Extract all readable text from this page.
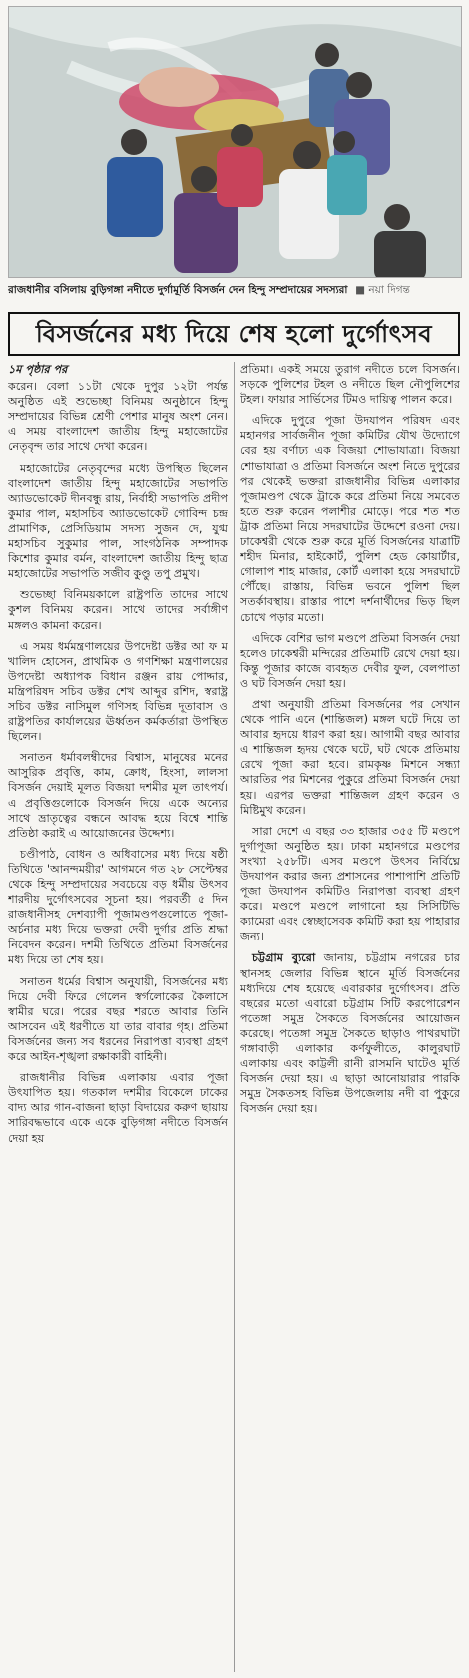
রাজধানীর বসিলায় বুড়িগঙ্গা নদীতে দুর্গামূর্তি বিসর্জন দেন হিন্দু সম্প্রদায়ের সদস্যরা ■ নয়া দিগন্ত
বিসর্জনের মধ্য দিয়ে শেষ হলো দুর্গোৎসব
১ম পৃষ্ঠার পর

করেন। বেলা ১১টা থেকে দুপুর ১২টা পর্যন্ত অনুষ্ঠিত এই শুভেচ্ছা বিনিময় অনুষ্ঠানে হিন্দু সম্প্রদায়ের বিভিন্ন শ্রেণী পেশার মানুষ অংশ নেন। এ সময় বাংলাদেশ জাতীয় হিন্দু মহাজোটের নেতৃবৃন্দ তার সাথে দেখা করেন।

মহাজোটের নেতৃবৃন্দের মধ্যে উপস্থিত ছিলেন বাংলাদেশ জাতীয় হিন্দু মহাজোটের সভাপতি অ্যাডভোকেট দীনবন্ধু রায়, নির্বাহী সভাপতি প্রদীপ কুমার পাল, মহাসচিব অ্যাডভোকেট গোবিন্দ চন্দ্র প্রামাণিক, প্রেসিডিয়াম সদস্য সুজন দে, যুগ্ম মহাসচিব সুকুমার পাল, সাংগঠনিক সম্পাদক কিশোর কুমার বর্মন, বাংলাদেশ জাতীয় হিন্দু ছাত্র মহাজোটের সভাপতি সজীব কুণ্ডু তপু প্রমুখ।

শুভেচ্ছা বিনিময়কালে রাষ্ট্রপতি তাদের সাথে কুশল বিনিময় করেন। সাথে তাদের সর্বাঙ্গীণ মঙ্গলও কামনা করেন।

এ সময় ধর্মমন্ত্রণালয়ের উপদেষ্টা ডক্টর আ ফ ম খালিদ হোসেন, প্রাথমিক ও গণশিক্ষা মন্ত্রণালয়ের উপদেষ্টা অধ্যাপক বিধান রঞ্জন রায় পোদ্দার, মন্ত্রিপরিষদ সচিব ডক্টর শেখ আব্দুর রশিদ, স্বরাষ্ট্র সচিব ডক্টর নাসিমুল গণিসহ বিভিন্ন দূতাবাস ও রাষ্ট্রপতির কার্যালয়ের ঊর্ধ্বতন কর্মকর্তারা উপস্থিত ছিলেন।

সনাতন ধর্মাবলম্বীদের বিশ্বাস, মানুষের মনের আসুরিক প্রবৃত্তি, কাম, ক্রোধ, হিংসা, লালসা বিসর্জন দেয়াই মূলত বিজয়া দশমীর মূল তাৎপর্য। এ প্রবৃত্তিগুলোকে বিসর্জন দিয়ে একে অন্যের সাথে ভ্রাতৃত্বের বন্ধনে আবদ্ধ হয়ে বিশ্বে শান্তি প্রতিষ্ঠা করাই এ আয়োজনের উদ্দেশ্য।

চণ্ডীপাঠ, বোধন ও অধিবাসের মধ্য দিয়ে ষষ্ঠী তিথিতে 'আনন্দময়ীর' আগমনে গত ২৮ সেপ্টেম্বর থেকে হিন্দু সম্প্রদায়ের সবচেয়ে বড় ধর্মীয় উৎসব শারদীয় দুর্গোৎসবের সূচনা হয়। পরবর্তী ৫ দিন রাজধানীসহ দেশব্যাপী পূজামণ্ডপগুলোতে পূজা-অর্চনার মধ্য দিয়ে ভক্তরা দেবী দুর্গার প্রতি শ্রদ্ধা নিবেদন করেন। দশমী তিথিতে প্রতিমা বিসর্জনের মধ্য দিয়ে তা শেষ হয়।

সনাতন ধর্মের বিশ্বাস অনুযায়ী, বিসর্জনের মধ্য দিয়ে দেবী ফিরে গেলেন স্বর্গলোকের কৈলাসে স্বামীর ঘরে। পরের বছর শরতে আবার তিনি আসবেন এই ধরণীতে যা তার বাবার গৃহ। প্রতিমা বিসর্জনের জন্য সব ধরনের নিরাপত্তা ব্যবস্থা গ্রহণ করে আইন-শৃঙ্খলা রক্ষাকারী বাহিনী।

রাজধানীর বিভিন্ন এলাকায় এবার পূজা উৎযাপিত হয়। গতকাল দশমীর বিকেলে ঢাকের বাদ্য আর গান-বাজনা ছাড়া বিদায়ের করুণ ছায়ায় সারিবদ্ধভাবে একে একে বুড়িগঙ্গা নদীতে বিসর্জন দেয়া হয়

প্রতিমা। একই সময়ে তুরাগ নদীতে চলে বিসর্জন। সড়কে পুলিশের টহল ও নদীতে ছিল নৌপুলিশের টহল। ফায়ার সার্ভিসের টিমও দায়িত্ব পালন করে।

এদিকে দুপুরে পূজা উদযাপন পরিষদ এবং মহানগর সার্বজনীন পূজা কমিটির যৌথ উদ্যোগে বের হয় বর্ণাঢ্য এক বিজয়া শোভাযাত্রা। বিজয়া শোভাযাত্রা ও প্রতিমা বিসর্জনে অংশ নিতে দুপুরের পর থেকেই ভক্তরা রাজধানীর বিভিন্ন এলাকার পূজামণ্ডপ থেকে ট্রাকে করে প্রতিমা নিয়ে সমবেত হতে শুরু করেন পলাশীর মোড়ে। পরে শত শত ট্রাক প্রতিমা নিয়ে সদরঘাটের উদ্দেশে রওনা দেয়। ঢাকেশ্বরী থেকে শুরু করে মূর্তি বিসর্জনের যাত্রাটি শহীদ মিনার, হাইকোর্ট, পুলিশ হেড কোয়ার্টার, গোলাপ শাহ মাজার, কোর্ট এলাকা হয়ে সদরঘাটে পৌঁছে। রাস্তায়, বিভিন্ন ভবনে পুলিশ ছিল সতর্কাবস্থায়। রাস্তার পাশে দর্শনার্থীদের ভিড় ছিল চোখে পড়ার মতো।

এদিকে বেশির ভাগ মণ্ডপে প্রতিমা বিসর্জন দেয়া হলেও ঢাকেশ্বরী মন্দিরের প্রতিমাটি রেখে দেয়া হয়। কিন্তু পূজার কাজে ব্যবহৃত দেবীর ফুল, বেলপাতা ও ঘট বিসর্জন দেয়া হয়।

প্রথা অনুযায়ী প্রতিমা বিসর্জনের পর সেখান থেকে পানি এনে (শান্তিজল) মঙ্গল ঘটে দিয়ে তা আবার হৃদয়ে ধারণ করা হয়। আগামী বছর আবার এ শান্তিজল হৃদয় থেকে ঘটে, ঘট থেকে প্রতিমায় রেখে পূজা করা হবে। রামকৃষ্ণ মিশনে সন্ধ্যা আরতির পর মিশনের পুকুরে প্রতিমা বিসর্জন দেয়া হয়। এরপর ভক্তরা শান্তিজল গ্রহণ করেন ও মিষ্টিমুখ করেন।

সারা দেশে এ বছর ৩৩ হাজার ৩৫৫ টি মণ্ডপে দুর্গাপূজা অনুষ্ঠিত হয়। ঢাকা মহানগরে মণ্ডপের সংখ্যা ২৫৮টি। এসব মণ্ডপে উৎসব নির্বিঘ্নে উদযাপন করার জন্য প্রশাসনের পাশাপাশি প্রতিটি পূজা উদযাপন কমিটিও নিরাপত্তা ব্যবস্থা গ্রহণ করে। মণ্ডপে মণ্ডপে লাগানো হয় সিসিটিভি ক্যামেরা এবং স্বেচ্ছাসেবক কমিটি করা হয় পাহারার জন্য।

চট্টগ্রাম ব্যুরো জানায়, চট্টগ্রাম নগরের চার স্থানসহ জেলার বিভিন্ন স্থানে মূর্তি বিসর্জনের মধ্যদিয়ে শেষ হয়েছে এবারকার দুর্গোৎসব। প্রতি বছরের মতো এবারো চট্টগ্রাম সিটি করপোরেশন পতেঙ্গা সমুদ্র সৈকতে বিসর্জনের আয়োজন করেছে। পতেঙ্গা সমুদ্র সৈকতে ছাড়াও পাথরঘাটা গঙ্গাবাড়ী এলাকার কর্ণফুলীতে, কালুরঘাট এলাকায় এবং কাট্টলী রানী রাসমনি ঘাটেও মূর্তি বিসর্জন দেয়া হয়। এ ছাড়া আনোয়ারার পারকি সমুদ্র সৈকতসহ বিভিন্ন উপজেলায় নদী বা পুকুরে বিসর্জন দেয়া হয়।
